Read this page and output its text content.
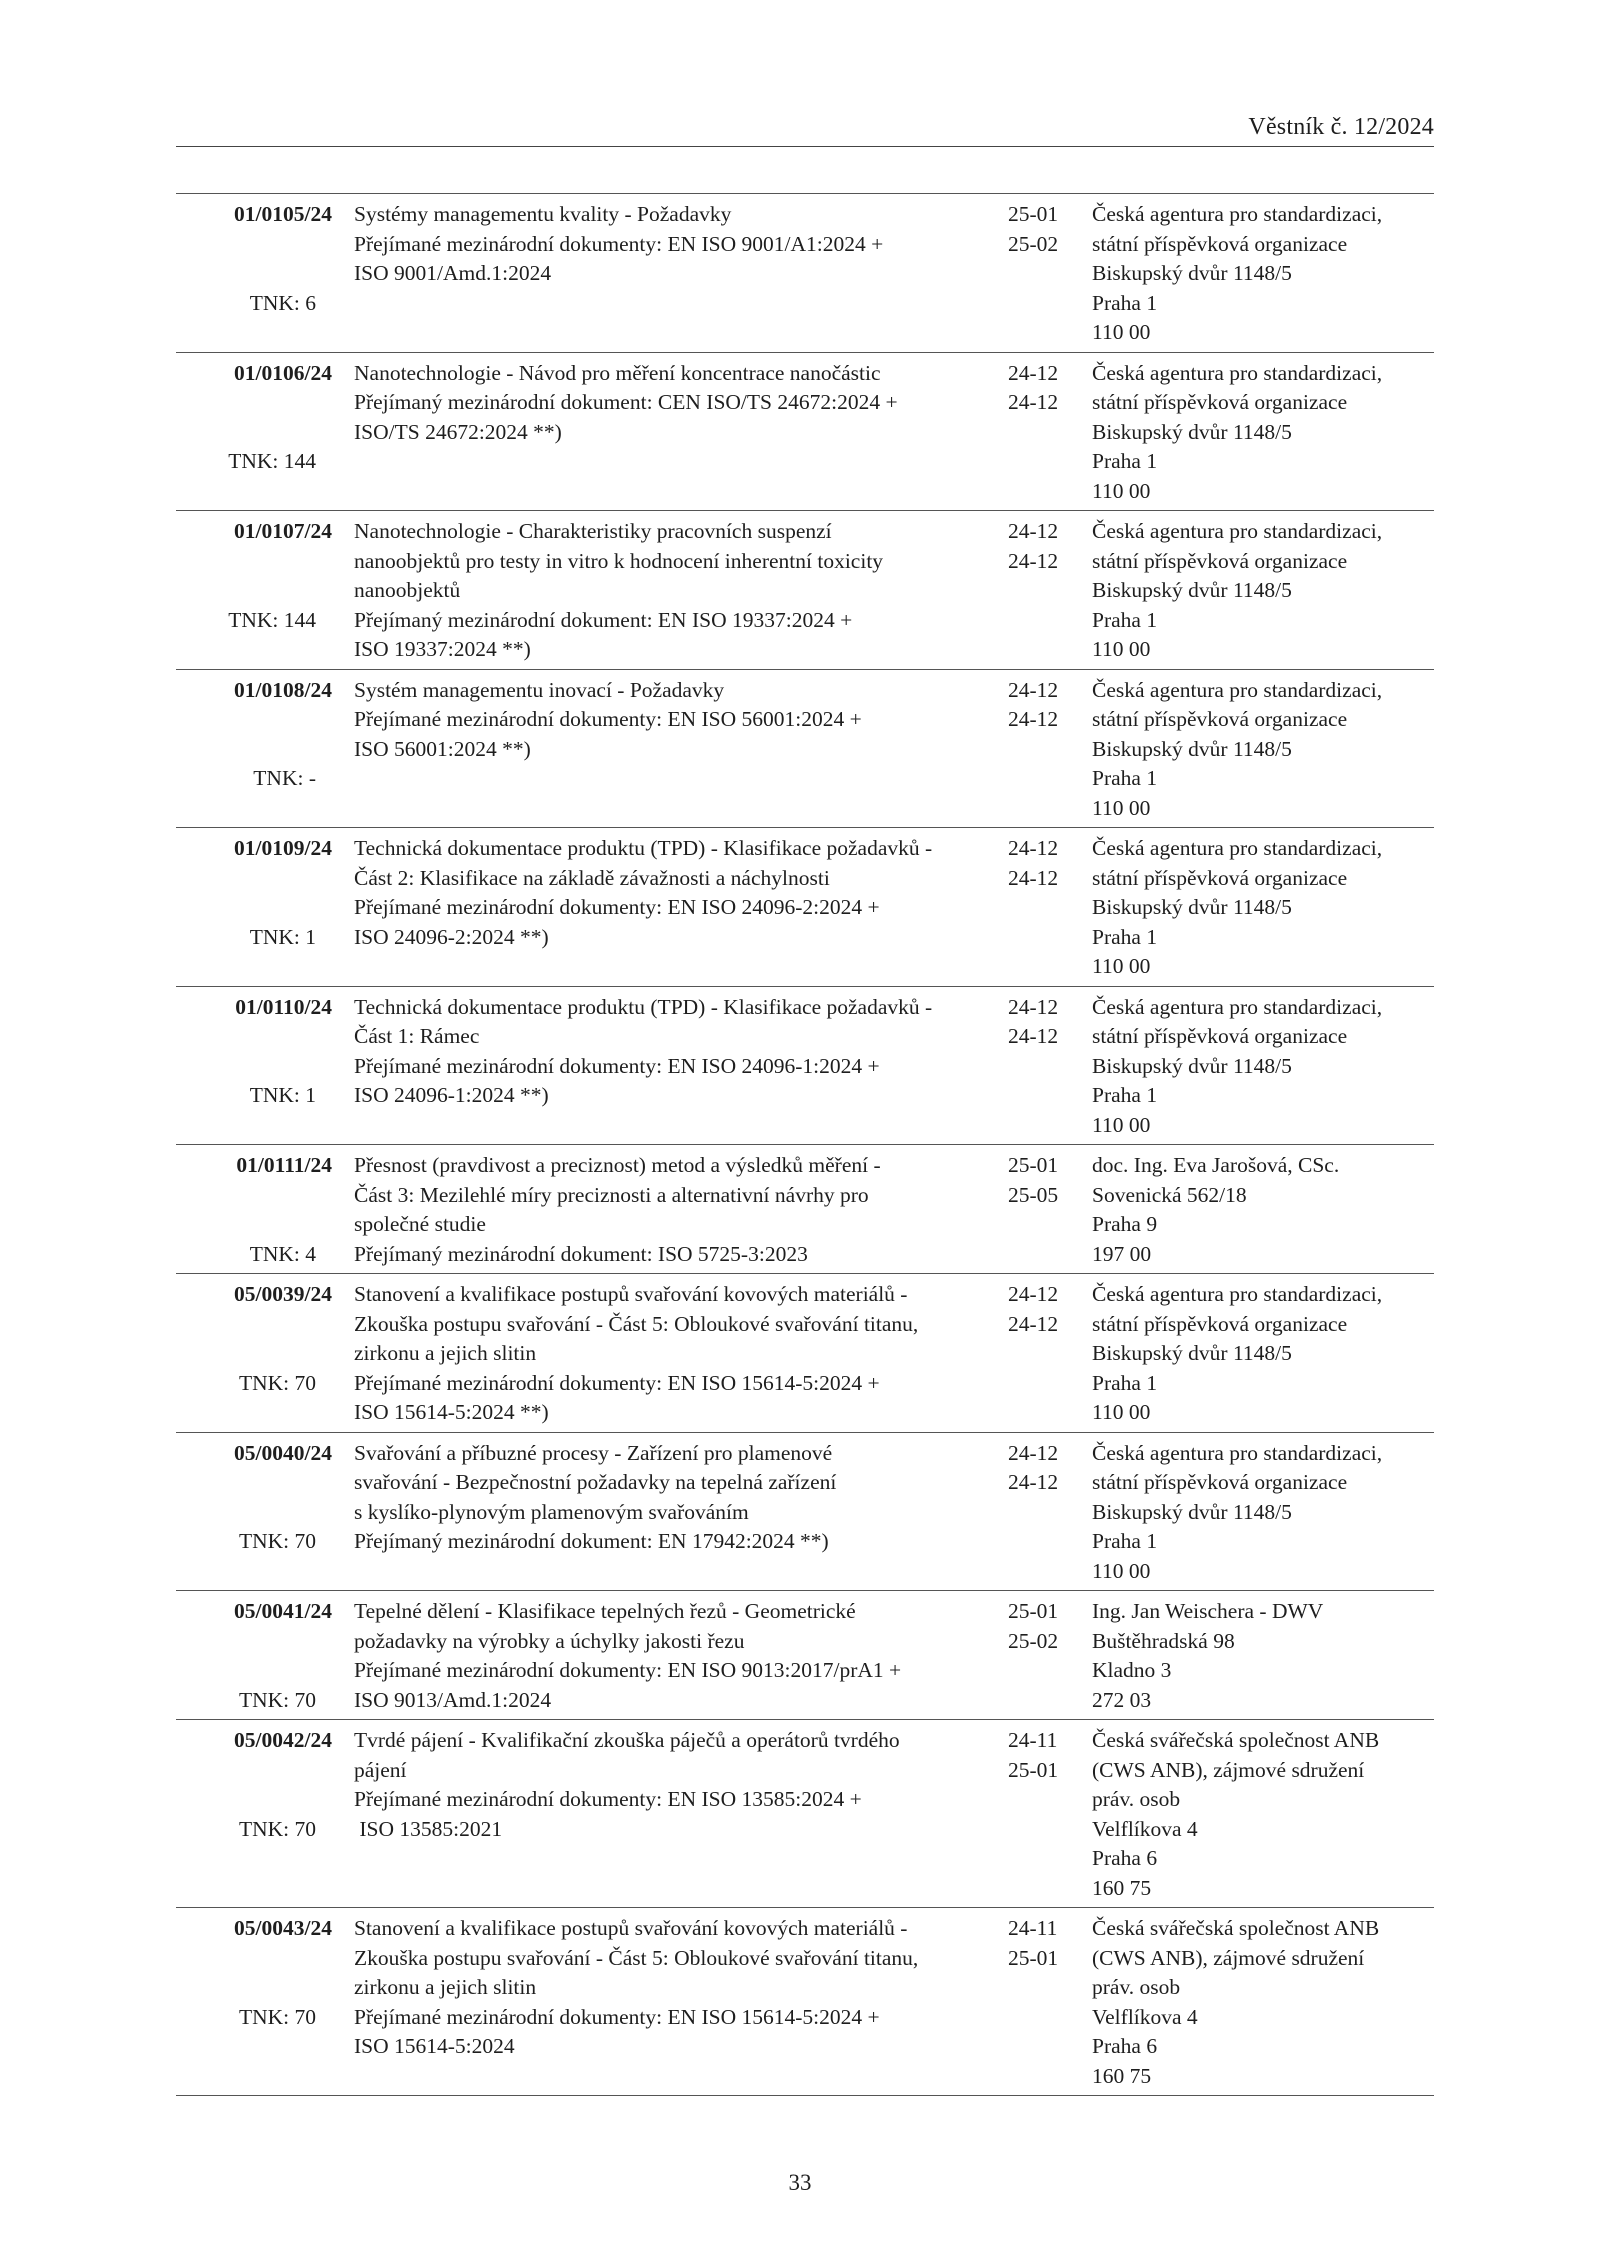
Věstník č. 12/2024
01/0105/24
TNK: 6
Systémy managementu kvality - Požadavky
Přejímané mezinárodní dokumenty: EN ISO 9001/A1:2024 +
ISO 9001/Amd.1:2024
25-01
25-02
Česká agentura pro standardizaci,
státní příspěvková organizace
Biskupský dvůr 1148/5
Praha 1
110 00
01/0106/24
TNK: 144
Nanotechnologie - Návod pro měření koncentrace nanočástic
Přejímaný mezinárodní dokument: CEN ISO/TS 24672:2024 +
ISO/TS 24672:2024 **)
24-12
24-12
Česká agentura pro standardizaci,
státní příspěvková organizace
Biskupský dvůr 1148/5
Praha 1
110 00
01/0107/24
TNK: 144
Nanotechnologie - Charakteristiky pracovních suspenzí
nanoobjektů pro testy in vitro k hodnocení inherentní toxicity
nanoobjektů
Přejímaný mezinárodní dokument: EN ISO 19337:2024 +
ISO 19337:2024 **)
24-12
24-12
Česká agentura pro standardizaci,
státní příspěvková organizace
Biskupský dvůr 1148/5
Praha 1
110 00
01/0108/24
TNK: -
Systém managementu inovací - Požadavky
Přejímané mezinárodní dokumenty: EN ISO 56001:2024 +
ISO 56001:2024 **)
24-12
24-12
Česká agentura pro standardizaci,
státní příspěvková organizace
Biskupský dvůr 1148/5
Praha 1
110 00
01/0109/24
TNK: 1
Technická dokumentace produktu (TPD) - Klasifikace požadavků -
Část 2: Klasifikace na základě závažnosti a náchylnosti
Přejímané mezinárodní dokumenty: EN ISO 24096-2:2024 +
ISO 24096-2:2024 **)
24-12
24-12
Česká agentura pro standardizaci,
státní příspěvková organizace
Biskupský dvůr 1148/5
Praha 1
110 00
01/0110/24
TNK: 1
Technická dokumentace produktu (TPD) - Klasifikace požadavků -
Část 1: Rámec
Přejímané mezinárodní dokumenty: EN ISO 24096-1:2024 +
ISO 24096-1:2024 **)
24-12
24-12
Česká agentura pro standardizaci,
státní příspěvková organizace
Biskupský dvůr 1148/5
Praha 1
110 00
01/0111/24
TNK: 4
Přesnost (pravdivost a preciznost) metod a výsledků měření -
Část 3: Mezilehlé míry preciznosti a alternativní návrhy pro
společné studie
Přejímaný mezinárodní dokument: ISO 5725-3:2023
25-01
25-05
doc. Ing. Eva Jarošová, CSc.
Sovenická 562/18
Praha 9
197 00
05/0039/24
TNK: 70
Stanovení a kvalifikace postupů svařování kovových materiálů -
Zkouška postupu svařování - Část 5: Obloukové svařování titanu,
zirkonu a jejich slitin
Přejímané mezinárodní dokumenty: EN ISO 15614-5:2024 +
ISO 15614-5:2024 **)
24-12
24-12
Česká agentura pro standardizaci,
státní příspěvková organizace
Biskupský dvůr 1148/5
Praha 1
110 00
05/0040/24
TNK: 70
Svařování a příbuzné procesy - Zařízení pro plamenové
svařování - Bezpečnostní požadavky na tepelná zařízení
s kyslíko-plynovým plamenovým svařováním
Přejímaný mezinárodní dokument: EN 17942:2024 **)
24-12
24-12
Česká agentura pro standardizaci,
státní příspěvková organizace
Biskupský dvůr 1148/5
Praha 1
110 00
05/0041/24
TNK: 70
Tepelné dělení - Klasifikace tepelných řezů - Geometrické
požadavky na výrobky a úchylky jakosti řezu
Přejímané mezinárodní dokumenty: EN ISO 9013:2017/prA1 +
ISO 9013/Amd.1:2024
25-01
25-02
Ing. Jan Weischera - DWV
Buštěhradská 98
Kladno 3
272 03
05/0042/24
TNK: 70
Tvrdé pájení - Kvalifikační zkouška páječů a operátorů tvrdého
pájení
Přejímané mezinárodní dokumenty: EN ISO 13585:2024 +
ISO 13585:2021
24-11
25-01
Česká svářečská společnost ANB
(CWS ANB), zájmové sdružení
práv. osob
Velflíkova 4
Praha 6
160 75
05/0043/24
TNK: 70
Stanovení a kvalifikace postupů svařování kovových materiálů -
Zkouška postupu svařování - Část 5: Obloukové svařování titanu,
zirkonu a jejich slitin
Přejímané mezinárodní dokumenty: EN ISO 15614-5:2024 +
ISO 15614-5:2024
24-11
25-01
Česká svářečská společnost ANB
(CWS ANB), zájmové sdružení
práv. osob
Velflíkova 4
Praha 6
160 75
33
